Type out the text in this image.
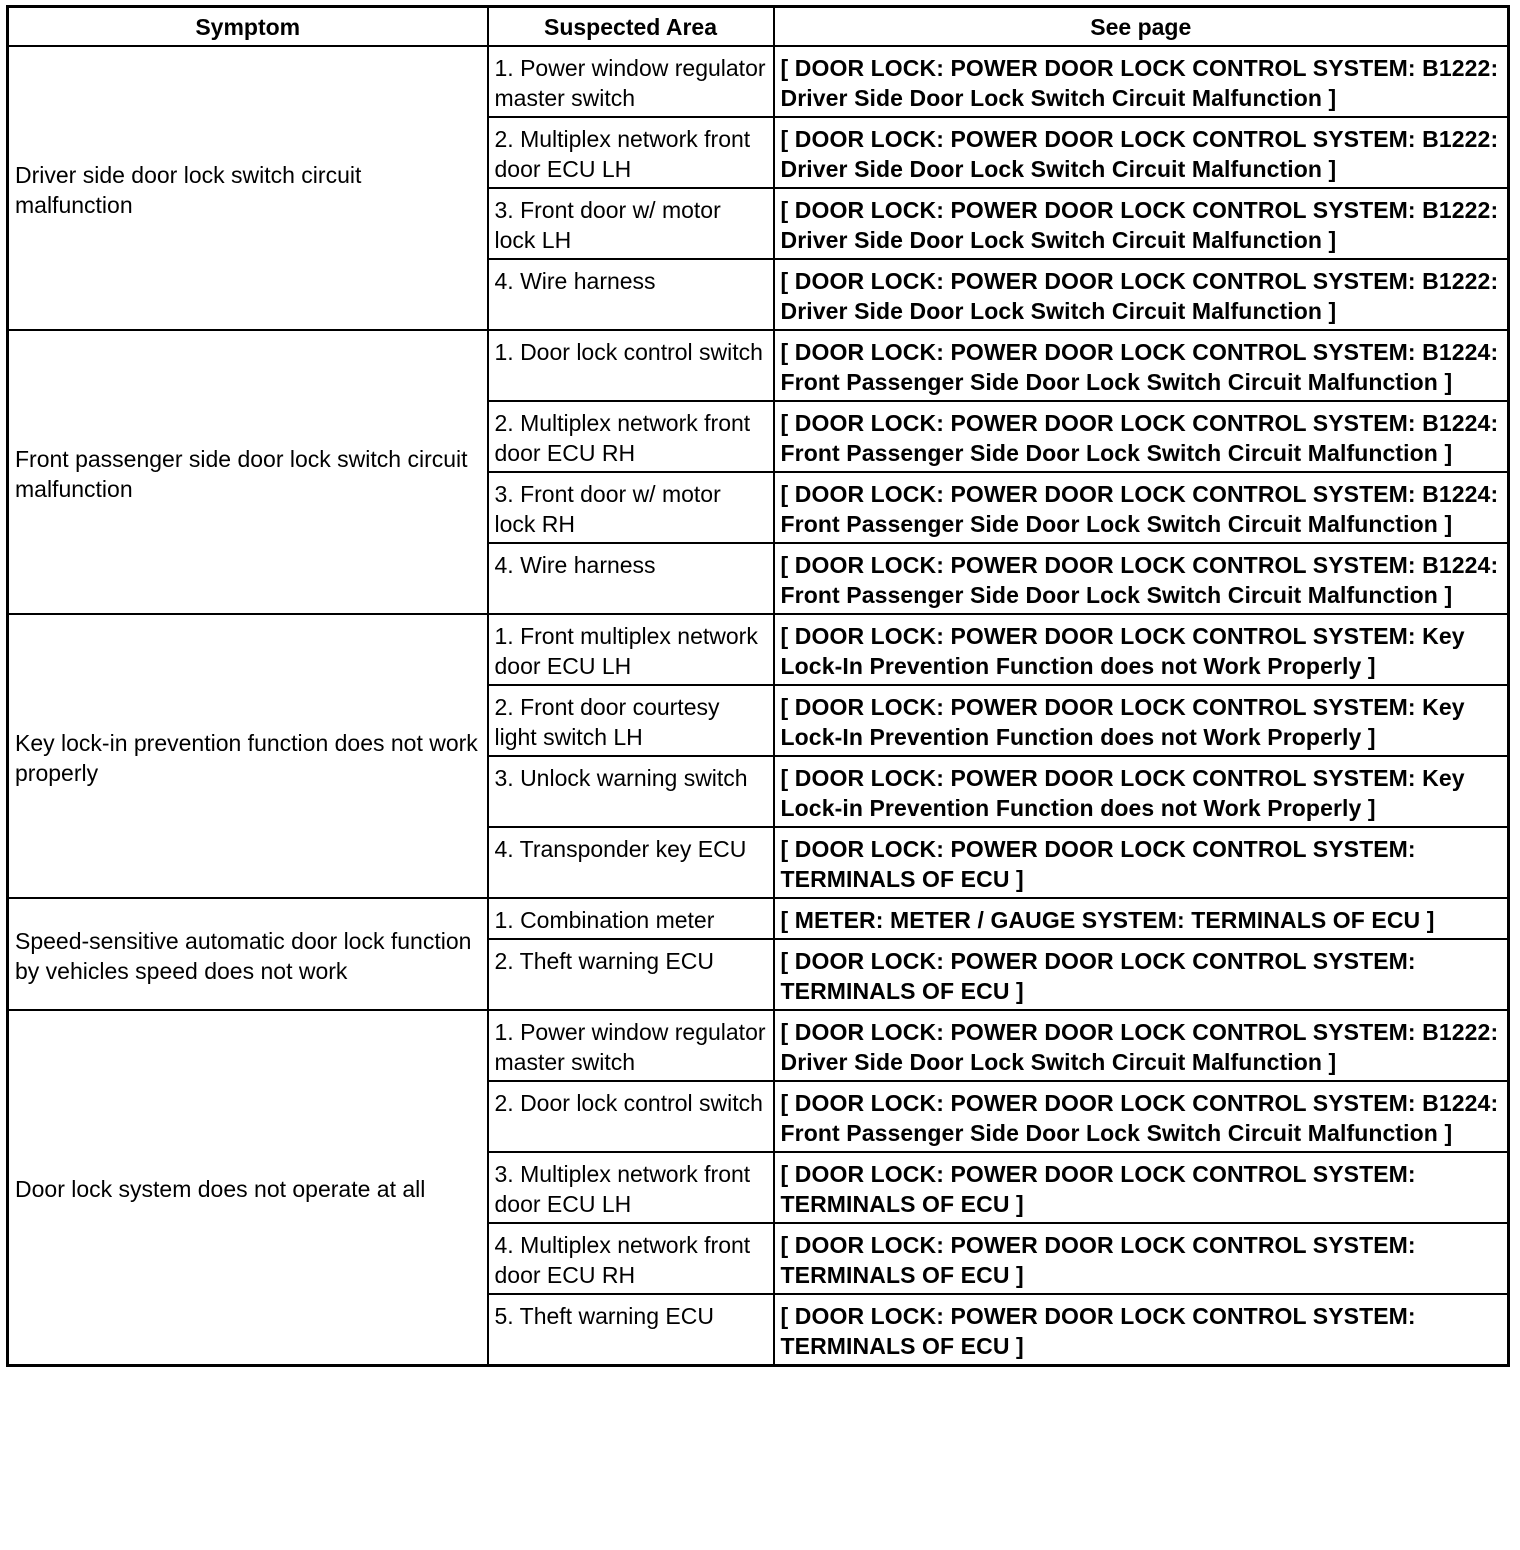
Symptom	Suspected Area	See page
Driver side door lock switch circuit malfunction	1. Power window regulator master switch	[ DOOR LOCK: POWER DOOR LOCK CONTROL SYSTEM: B1222: Driver Side Door Lock Switch Circuit Malfunction ]
	2. Multiplex network front door ECU LH	[ DOOR LOCK: POWER DOOR LOCK CONTROL SYSTEM: B1222: Driver Side Door Lock Switch Circuit Malfunction ]
	3. Front door w/ motor lock LH	[ DOOR LOCK: POWER DOOR LOCK CONTROL SYSTEM: B1222: Driver Side Door Lock Switch Circuit Malfunction ]
	4. Wire harness	[ DOOR LOCK: POWER DOOR LOCK CONTROL SYSTEM: B1222: Driver Side Door Lock Switch Circuit Malfunction ]
Front passenger side door lock switch circuit malfunction	1. Door lock control switch	[ DOOR LOCK: POWER DOOR LOCK CONTROL SYSTEM: B1224: Front Passenger Side Door Lock Switch Circuit Malfunction ]
	2. Multiplex network front door ECU RH	[ DOOR LOCK: POWER DOOR LOCK CONTROL SYSTEM: B1224: Front Passenger Side Door Lock Switch Circuit Malfunction ]
	3. Front door w/ motor lock RH	[ DOOR LOCK: POWER DOOR LOCK CONTROL SYSTEM: B1224: Front Passenger Side Door Lock Switch Circuit Malfunction ]
	4. Wire harness	[ DOOR LOCK: POWER DOOR LOCK CONTROL SYSTEM: B1224: Front Passenger Side Door Lock Switch Circuit Malfunction ]
Key lock-in prevention function does not work properly	1. Front multiplex network door ECU LH	[ DOOR LOCK: POWER DOOR LOCK CONTROL SYSTEM: Key Lock-In Prevention Function does not Work Properly ]
	2. Front door courtesy light switch LH	[ DOOR LOCK: POWER DOOR LOCK CONTROL SYSTEM: Key Lock-In Prevention Function does not Work Properly ]
	3. Unlock warning switch	[ DOOR LOCK: POWER DOOR LOCK CONTROL SYSTEM: Key Lock-in Prevention Function does not Work Properly ]
	4. Transponder key ECU	[ DOOR LOCK: POWER DOOR LOCK CONTROL SYSTEM: TERMINALS OF ECU ]
Speed-sensitive automatic door lock function by vehicles speed does not work	1. Combination meter	[ METER: METER / GAUGE SYSTEM: TERMINALS OF ECU ]
	2. Theft warning ECU	[ DOOR LOCK: POWER DOOR LOCK CONTROL SYSTEM: TERMINALS OF ECU ]
Door lock system does not operate at all	1. Power window regulator master switch	[ DOOR LOCK: POWER DOOR LOCK CONTROL SYSTEM: B1222: Driver Side Door Lock Switch Circuit Malfunction ]
	2. Door lock control switch	[ DOOR LOCK: POWER DOOR LOCK CONTROL SYSTEM: B1224: Front Passenger Side Door Lock Switch Circuit Malfunction ]
	3. Multiplex network front door ECU LH	[ DOOR LOCK: POWER DOOR LOCK CONTROL SYSTEM: TERMINALS OF ECU ]
	4. Multiplex network front door ECU RH	[ DOOR LOCK: POWER DOOR LOCK CONTROL SYSTEM: TERMINALS OF ECU ]
	5. Theft warning ECU	[ DOOR LOCK: POWER DOOR LOCK CONTROL SYSTEM: TERMINALS OF ECU ]
